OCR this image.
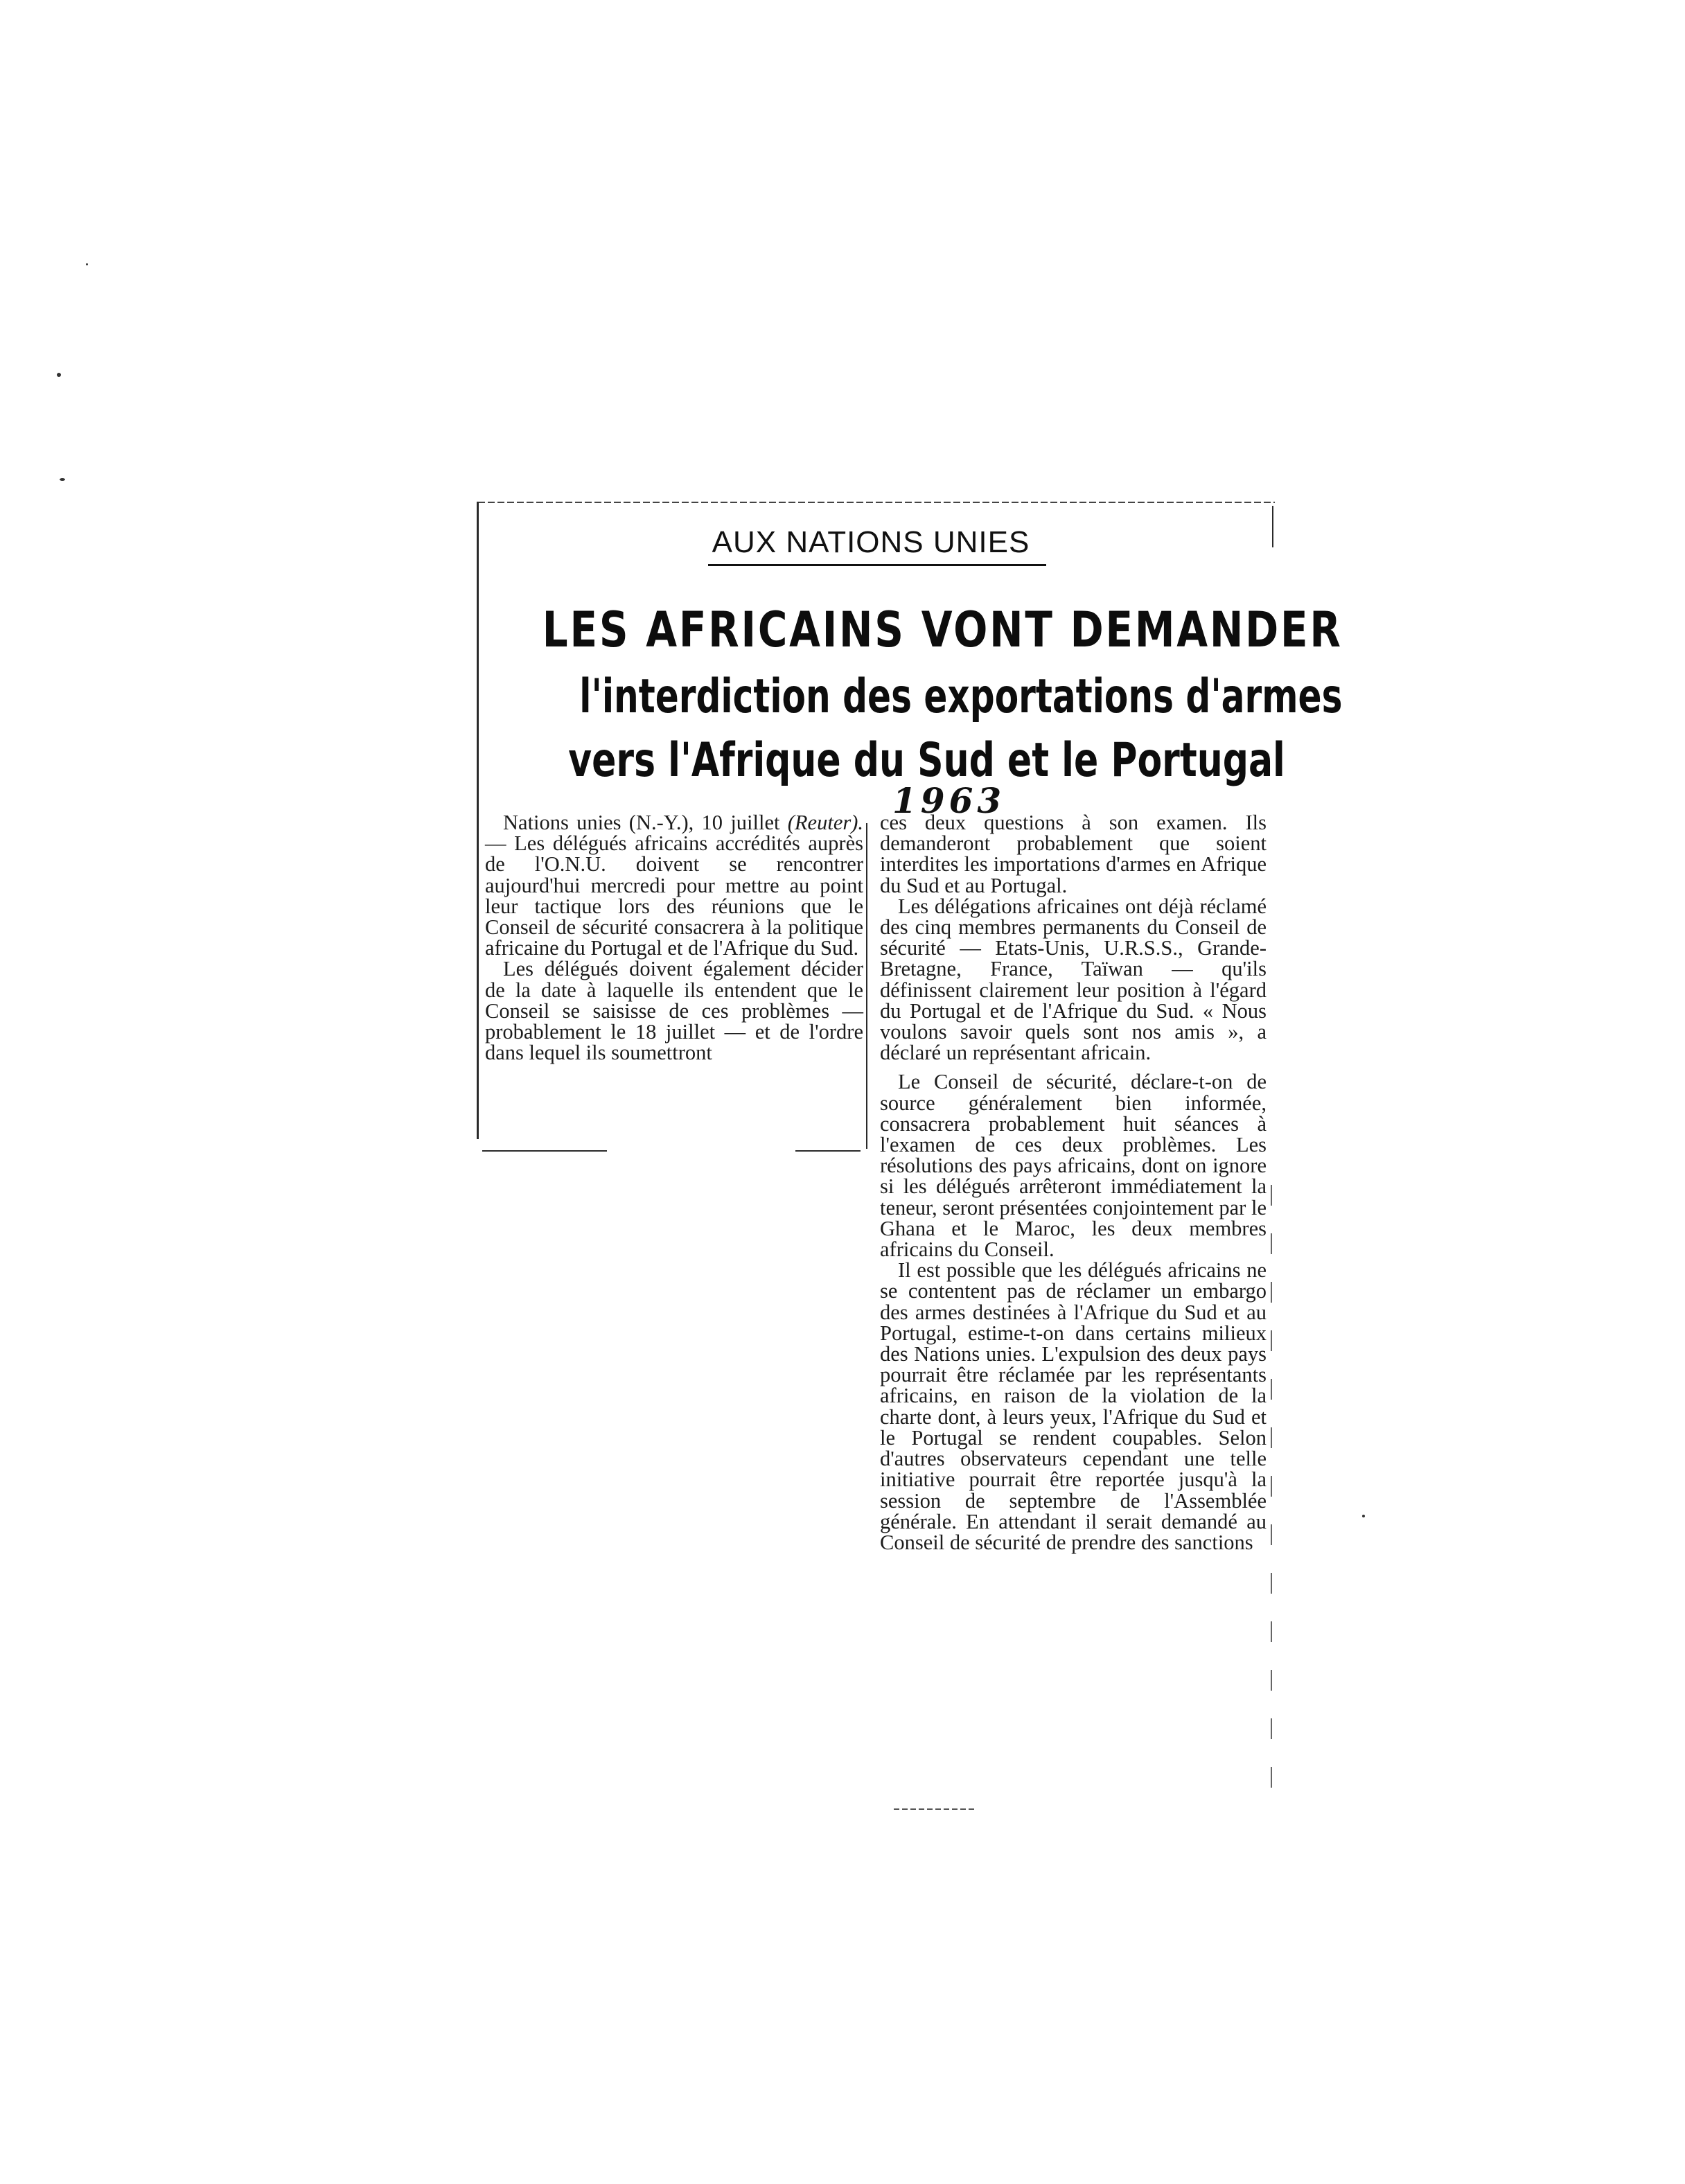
AUX NATIONS UNIES
LES AFRICAINS VONT DEMANDER
l'interdiction des exportations d'armes
vers l'Afrique du Sud et le Portugal
1963

Nations unies (N.-Y.), 10 juillet (Reuter). — Les délégués africains accrédités auprès de l'O.N.U. doivent se rencontrer aujourd'hui mercredi pour mettre au point leur tactique lors des réunions que le Conseil de sécurité consacrera à la politique africaine du Portugal et de l'Afrique du Sud.

Les délégués doivent également décider de la date à laquelle ils entendent que le Conseil se saisisse de ces problèmes — probablement le 18 juillet — et de l'ordre dans lequel ils soumettront

ces deux questions à son examen. Ils demanderont probablement que soient interdites les importations d'armes en Afrique du Sud et au Portugal.

Les délégations africaines ont déjà réclamé des cinq membres permanents du Conseil de sécurité — Etats-Unis, U.R.S.S., Grande-Bretagne, France, Taïwan — qu'ils définissent clairement leur position à l'égard du Portugal et de l'Afrique du Sud. « Nous voulons savoir quels sont nos amis », a déclaré un représentant africain.

Le Conseil de sécurité, déclare-t-on de source généralement bien informée, consacrera probablement huit séances à l'examen de ces deux problèmes. Les résolutions des pays africains, dont on ignore si les délégués arrêteront immédiatement la teneur, seront présentées conjointement par le Ghana et le Maroc, les deux membres africains du Conseil.

Il est possible que les délégués africains ne se contentent pas de réclamer un embargo des armes destinées à l'Afrique du Sud et au Portugal, estime-t-on dans certains milieux des Nations unies. L'expulsion des deux pays pourrait être réclamée par les représentants africains, en raison de la violation de la charte dont, à leurs yeux, l'Afrique du Sud et le Portugal se rendent coupables. Selon d'autres observateurs cependant une telle initiative pourrait être reportée jusqu'à la session de septembre de l'Assemblée générale. En attendant il serait demandé au Conseil de sécurité de prendre des sanctions
